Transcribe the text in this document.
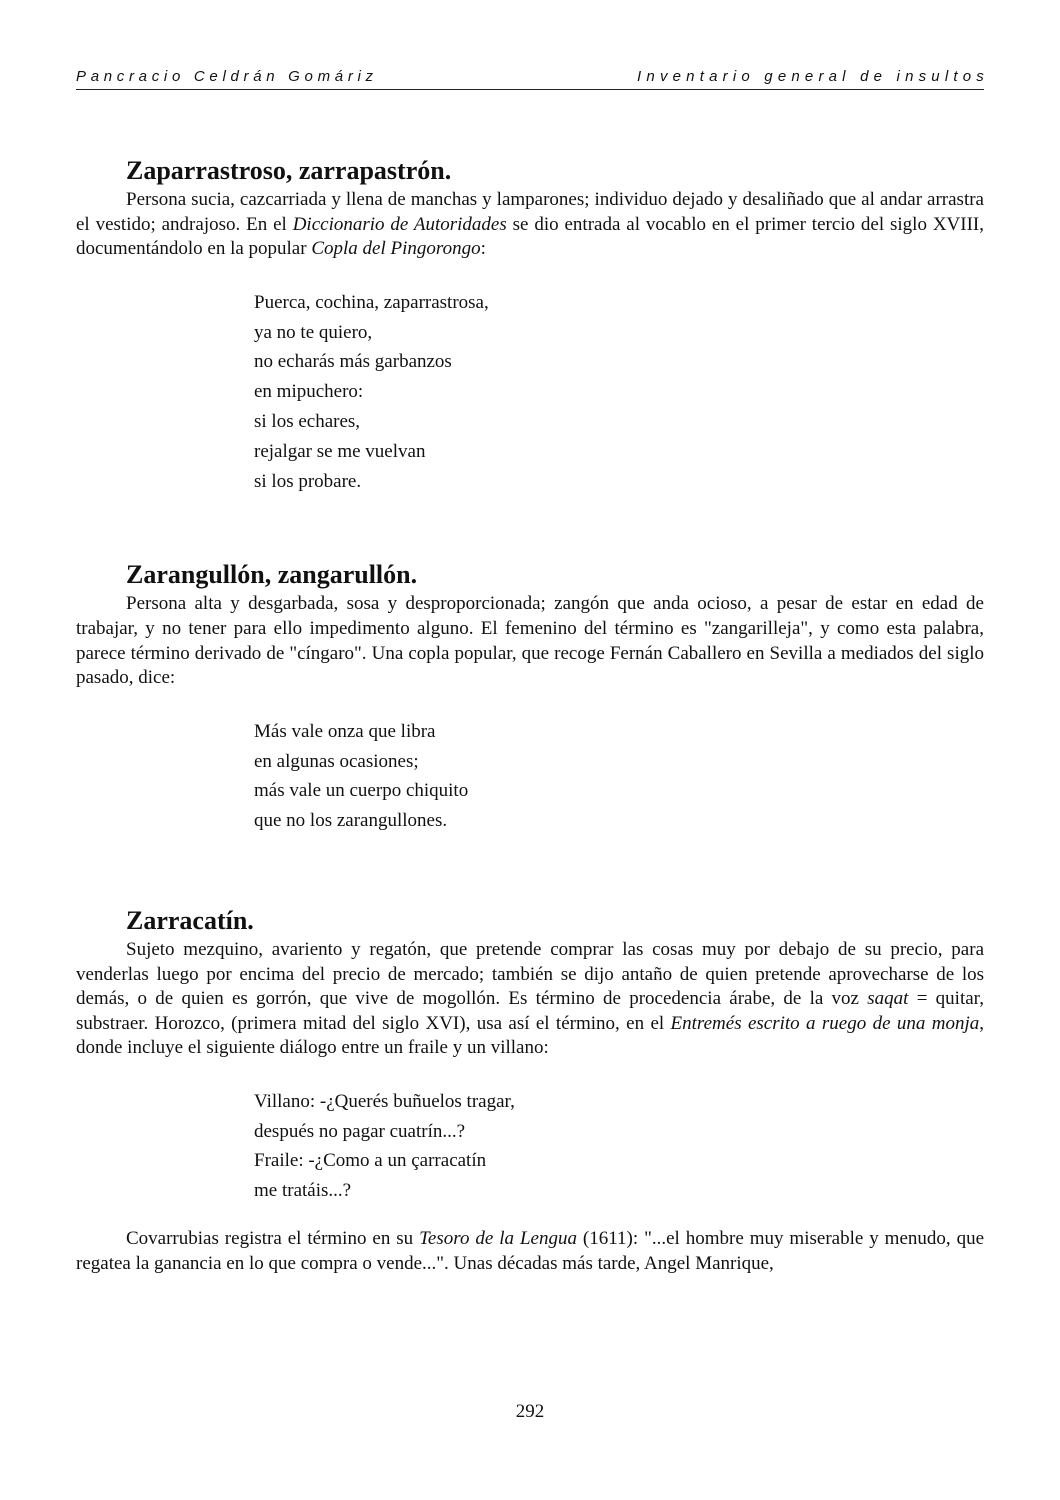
Pancracio Celdrán Gomáriz	Inventario general de insultos
Zaparrastroso, zarrapastrón.

Persona sucia, cazcarriada y llena de manchas y lamparones; individuo dejado y desaliñado que al andar arrastra el vestido; andrajoso. En el Diccionario de Autoridades se dio entrada al vocablo en el primer tercio del siglo XVIII, documentándolo en la popular Copla del Pingorongo:

Puerca, cochina, zaparrastrosa,
ya no te quiero,
no echarás más garbanzos
en mipuchero:
si los echares,
rejalgar se me vuelvan
si los probare.
Zarangullón, zangarullón.

Persona alta y desgarbada, sosa y desproporcionada; zangón que anda ocioso, a pesar de estar en edad de trabajar, y no tener para ello impedimento alguno. El femenino del término es "zangarilleja", y como esta palabra, parece término derivado de "cíngaro". Una copla popular, que recoge Fernán Caballero en Sevilla a mediados del siglo pasado, dice:

Más vale onza que libra
en algunas ocasiones;
más vale un cuerpo chiquito
que no los zarangullones.
Zarracatín.

Sujeto mezquino, avariento y regatón, que pretende comprar las cosas muy por debajo de su precio, para venderlas luego por encima del precio de mercado; también se dijo antaño de quien pretende aprovecharse de los demás, o de quien es gorrón, que vive de mogollón. Es término de procedencia árabe, de la voz saqat = quitar, substraer. Horozco, (primera mitad del siglo XVI), usa así el término, en el Entremés escrito a ruego de una monja, donde incluye el siguiente diálogo entre un fraile y un villano:

Villano: -¿Querés buñuelos tragar,
después no pagar cuatrín...?
Fraile: -¿Como a un çarracatín
me tratáis...?

Covarrubias registra el término en su Tesoro de la Lengua (1611): "...el hombre muy miserable y menudo, que regatea la ganancia en lo que compra o vende...". Unas décadas más tarde, Angel Manrique,

292
